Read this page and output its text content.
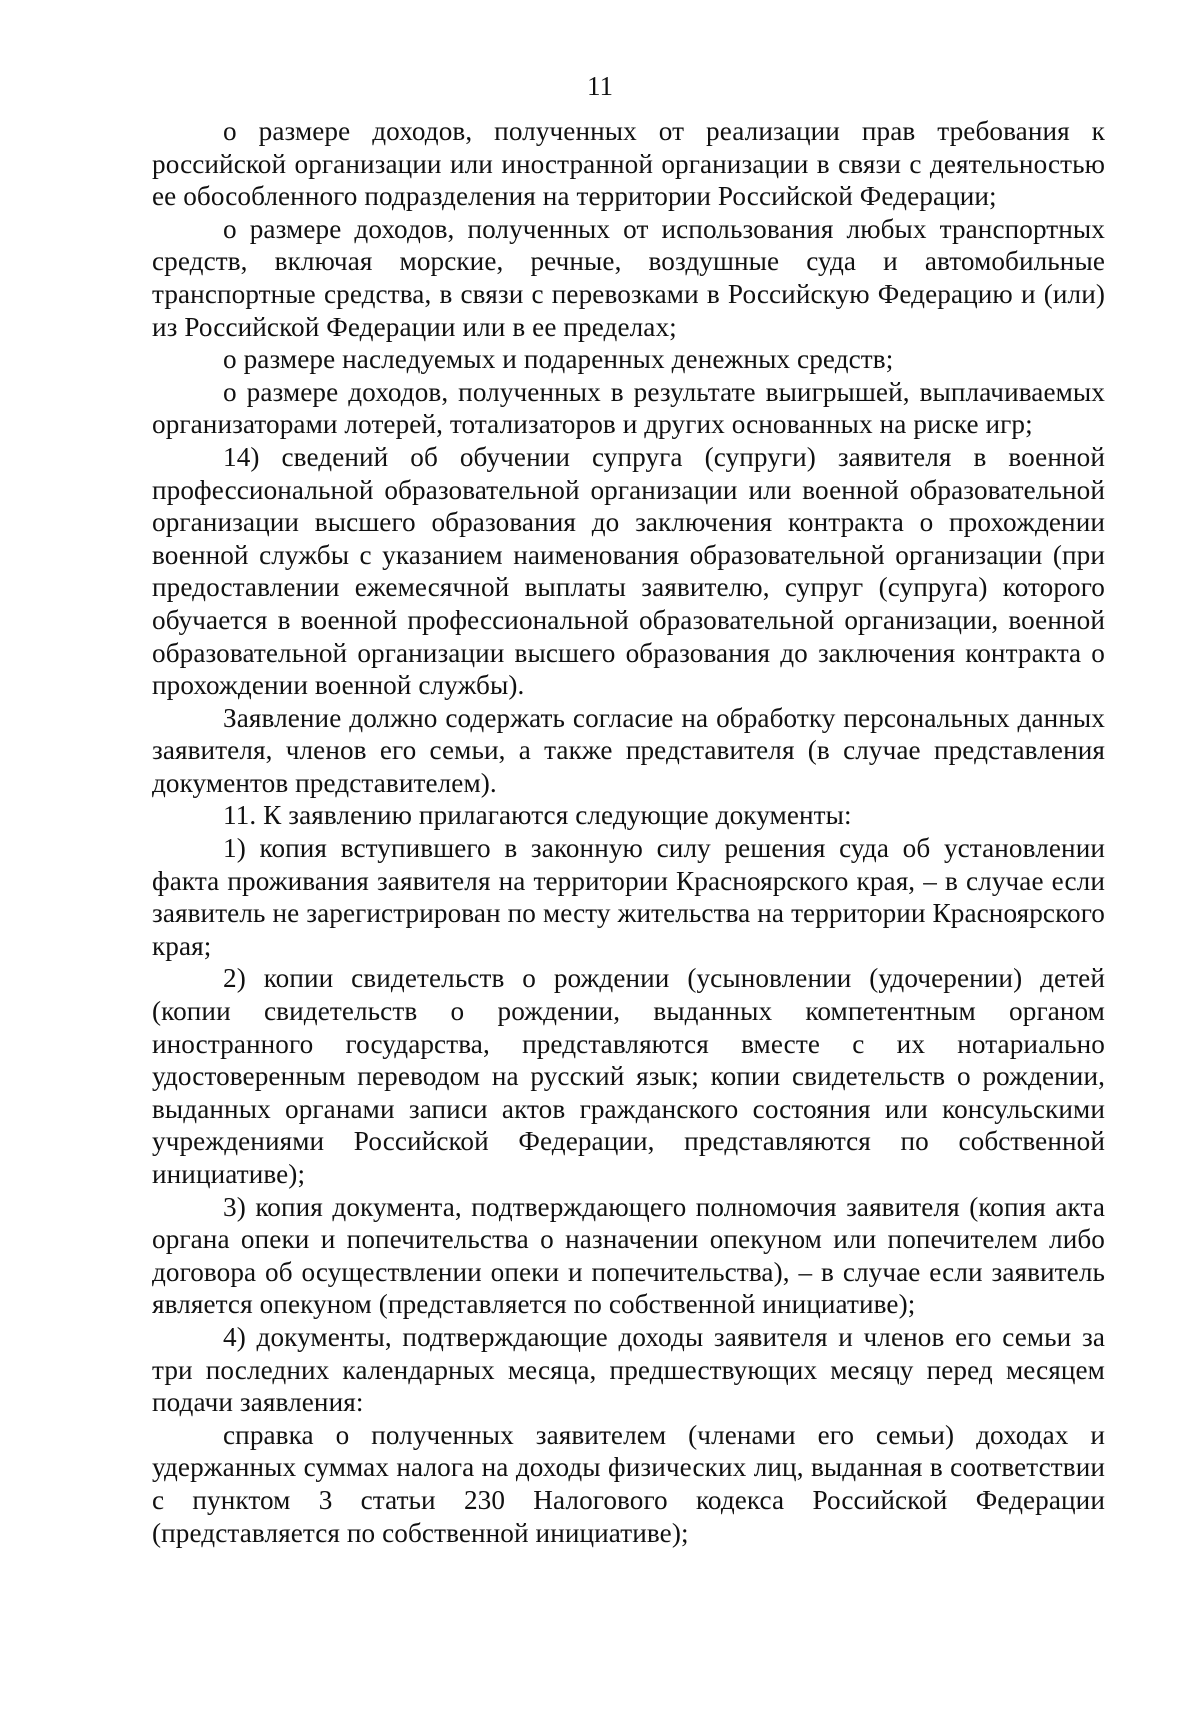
11

о размере доходов, полученных от реализации прав требования к российской организации или иностранной организации в связи с деятельностью ее обособленного подразделения на территории Российской Федерации;

о размере доходов, полученных от использования любых транспортных средств, включая морские, речные, воздушные суда и автомобильные транспортные средства, в связи с перевозками в Российскую Федерацию и (или) из Российской Федерации или в ее пределах;

о размере наследуемых и подаренных денежных средств;

о размере доходов, полученных в результате выигрышей, выплачиваемых организаторами лотерей, тотализаторов и других основанных на риске игр;

14) сведений об обучении супруга (супруги) заявителя в военной профессиональной образовательной организации или военной образовательной организации высшего образования до заключения контракта о прохождении военной службы с указанием наименования образовательной организации (при предоставлении ежемесячной выплаты заявителю, супруг (супруга) которого обучается в военной профессиональной образовательной организации, военной образовательной организации высшего образования до заключения контракта о прохождении военной службы).

Заявление должно содержать согласие на обработку персональных данных заявителя, членов его семьи, а также представителя (в случае представления документов представителем).

11. К заявлению прилагаются следующие документы:

1) копия вступившего в законную силу решения суда об установлении факта проживания заявителя на территории Красноярского края, – в случае если заявитель не зарегистрирован по месту жительства на территории Красноярского края;

2) копии свидетельств о рождении (усыновлении (удочерении) детей (копии свидетельств о рождении, выданных компетентным органом иностранного государства, представляются вместе с их нотариально удостоверенным переводом на русский язык; копии свидетельств о рождении, выданных органами записи актов гражданского состояния или консульскими учреждениями Российской Федерации, представляются по собственной инициативе);

3) копия документа, подтверждающего полномочия заявителя (копия акта органа опеки и попечительства о назначении опекуном или попечителем либо договора об осуществлении опеки и попечительства), – в случае если заявитель является опекуном (представляется по собственной инициативе);

4) документы, подтверждающие доходы заявителя и членов его семьи за три последних календарных месяца, предшествующих месяцу перед месяцем подачи заявления:

справка о полученных заявителем (членами его семьи) доходах и удержанных суммах налога на доходы физических лиц, выданная в соответствии с пунктом 3 статьи 230 Налогового кодекса Российской Федерации (представляется по собственной инициативе);
